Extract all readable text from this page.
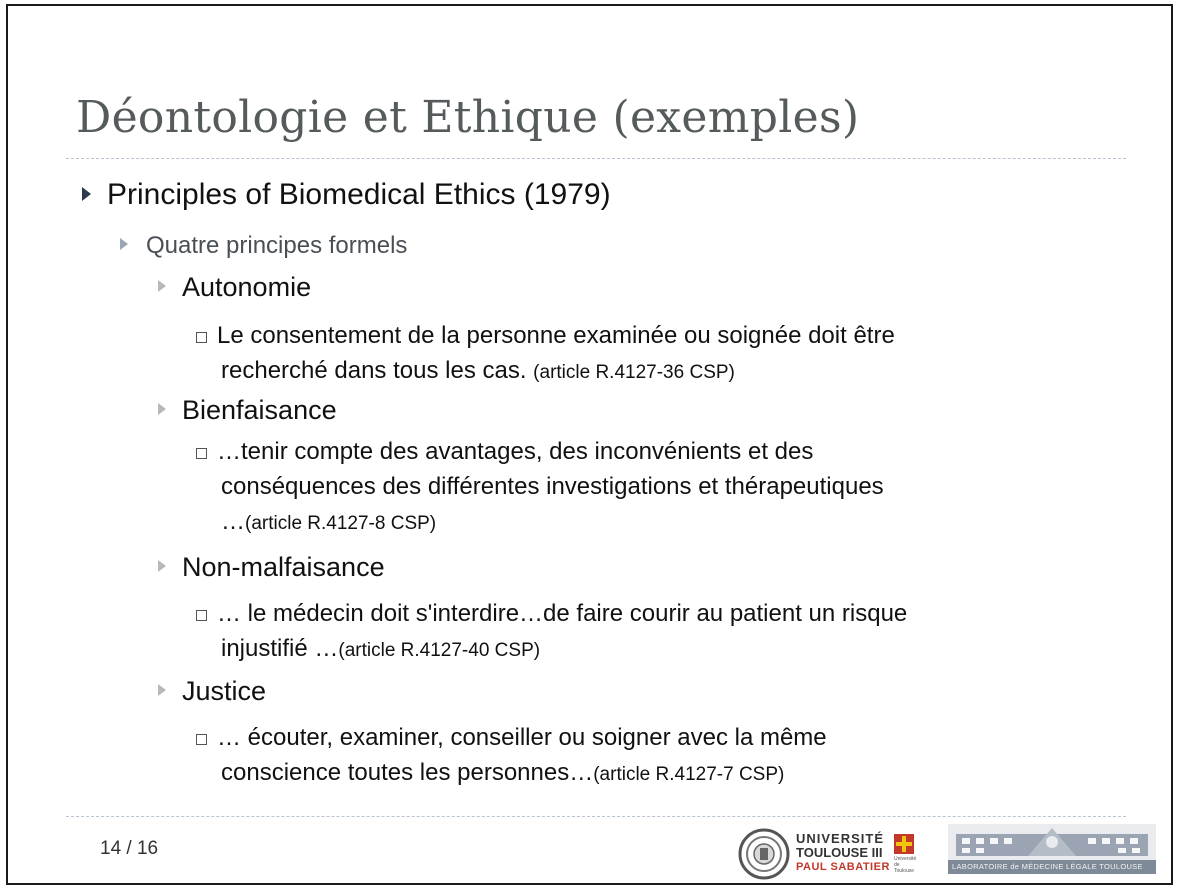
Déontologie et Ethique (exemples)
Principles of Biomedical Ethics (1979)
Quatre principes formels
Autonomie
Le consentement de la personne examinée ou soignée doit être
recherché dans tous les cas. (article R.4127-36 CSP)
Bienfaisance
…tenir compte des avantages, des inconvénients et des
conséquences des différentes investigations et thérapeutiques
…(article R.4127-8 CSP)
Non-malfaisance
… le médecin doit s'interdire…de faire courir au patient un risque
injustifié …(article R.4127-40 CSP)
Justice
… écouter, examiner, conseiller ou soigner avec la même
conscience toutes les personnes…(article R.4127-7 CSP)
14 / 16	UNIVERSITÉ
TOULOUSE III
PAUL SABATIER
Université de Toulouse	LABORATOIRE de MÉDECINE LÉGALE TOULOUSE
